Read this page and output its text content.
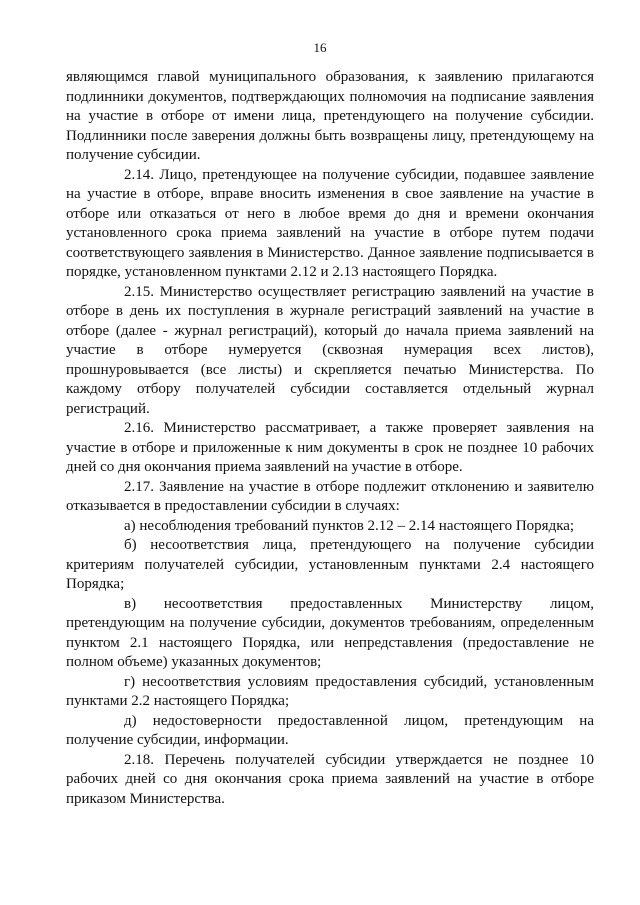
16

являющимся главой муниципального образования, к заявлению прилагаются подлинники документов, подтверждающих полномочия на подписание заявления на участие в отборе от имени лица, претендующего на получение субсидии. Подлинники после заверения должны быть возвращены лицу, претендующему на получение субсидии.

2.14. Лицо, претендующее на получение субсидии, подавшее заявление на участие в отборе, вправе вносить изменения в свое заявление на участие в отборе или отказаться от него в любое время до дня и времени окончания установленного срока приема заявлений на участие в отборе путем подачи соответствующего заявления в Министерство. Данное заявление подписывается в порядке, установленном пунктами 2.12 и 2.13 настоящего Порядка.

2.15. Министерство осуществляет регистрацию заявлений на участие в отборе в день их поступления в журнале регистраций заявлений на участие в отборе (далее - журнал регистраций), который до начала приема заявлений на участие в отборе нумеруется (сквозная нумерация всех листов), прошнуровывается (все листы) и скрепляется печатью Министерства. По каждому отбору получателей субсидии составляется отдельный журнал регистраций.

2.16. Министерство рассматривает, а также проверяет заявления на участие в отборе и приложенные к ним документы в срок не позднее 10 рабочих дней со дня окончания приема заявлений на участие в отборе.

2.17. Заявление на участие в отборе подлежит отклонению и заявителю отказывается в предоставлении субсидии в случаях:

а) несоблюдения требований пунктов 2.12 – 2.14 настоящего Порядка;

б) несоответствия лица, претендующего на получение субсидии критериям получателей субсидии, установленным пунктами 2.4 настоящего Порядка;

в) несоответствия предоставленных Министерству лицом, претендующим на получение субсидии, документов требованиям, определенным пунктом 2.1 настоящего Порядка, или непредставления (предоставление не полном объеме) указанных документов;

г) несоответствия условиям предоставления субсидий, установленным пунктами 2.2 настоящего Порядка;

д) недостоверности предоставленной лицом, претендующим на получение субсидии, информации.

2.18. Перечень получателей субсидии утверждается не позднее 10 рабочих дней со дня окончания срока приема заявлений на участие в отборе приказом Министерства.
